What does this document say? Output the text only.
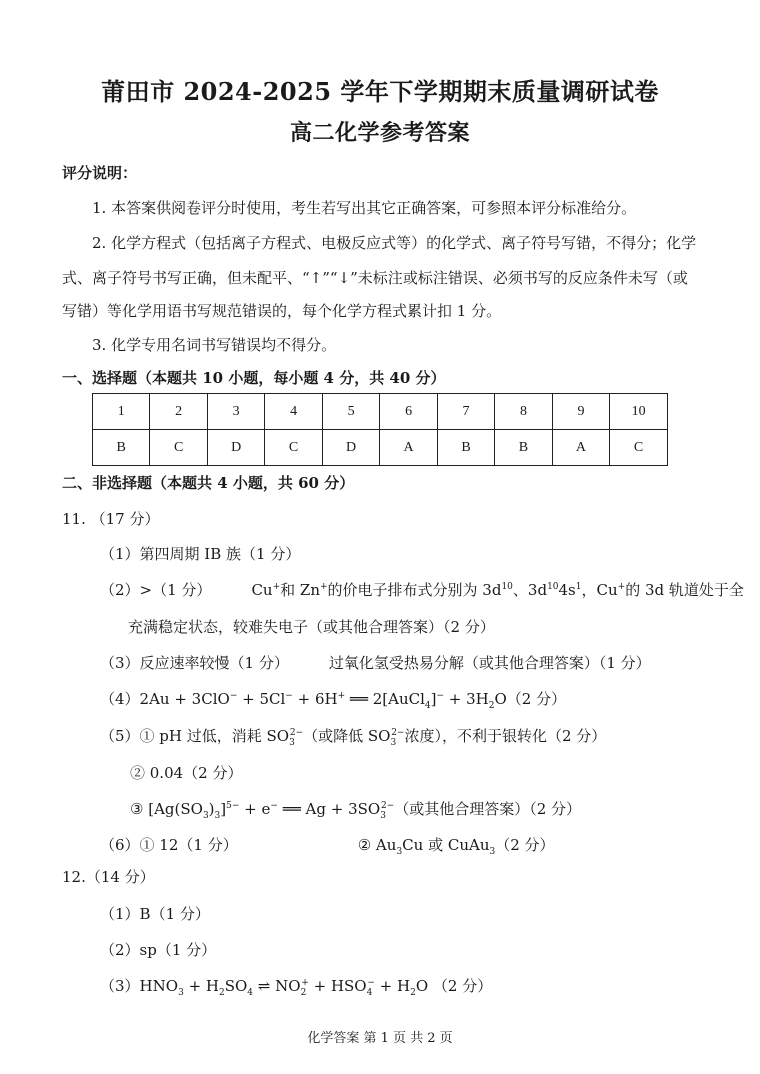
莆田市 2024-2025 学年下学期期末质量调研试卷
高二化学参考答案
评分说明：
1. 本答案供阅卷评分时使用，考生若写出其它正确答案，可参照本评分标准给分。
2. 化学方程式（包括离子方程式、电极反应式等）的化学式、离子符号写错，不得分；化学
式、离子符号书写正确，但未配平、“↑”“↓”未标注或标注错误、必须书写的反应条件未写（或
写错）等化学用语书写规范错误的，每个化学方程式累计扣 1 分。
3. 化学专用名词书写错误均不得分。
一、选择题（本题共 10 小题，每小题 4 分，共 40 分）
1	2	3	4	5	6	7	8	9	10
B	C	D	C	D	A	B	B	A	C
二、非选择题（本题共 4 小题，共 60 分）
11. （17 分）
（1）第四周期 ⅠB 族（1 分）
（2）>（1 分）	Cu+和 Zn+的价电子排布式分别为 $3d^{10}$、$3d^{10}4s^1$，Cu+的 3d 轨道处于全
充满稳定状态，较难失电子（或其他合理答案）（2 分）
（3）反应速率较慢（1 分）	过氧化氢受热易分解（或其他合理答案）（1 分）
（4）2Au + 3ClO− + 5Cl− + 6H+ ══ 2[AuCl$_4$]− + $3H_2O(2$ 分）
（5）① pH 过低，消耗 $SO_3^{2-}$（或降低 $SO_3^{2-}$浓度），不利于银转化（2 分）
② 0.04（2 分）
③ $[Ag(SO_3)_3]^{5-} + e^-$ ══ $Ag + 3SO_3^{2-}$（或其他合理答案）（2 分）
（6）① 12（1 分）	② $Au_3Cu$ 或 CuAu$_3$（2 分）
12.（14 分）
（1）B（1 分）
（2）sp（1 分）
$(3)HNO_3 + H_2SO_4$ ⇌ $NO_2^+ + HSO_4^- + H_2O$ （2 分）
化学答案 第 1 页 共 2 页
